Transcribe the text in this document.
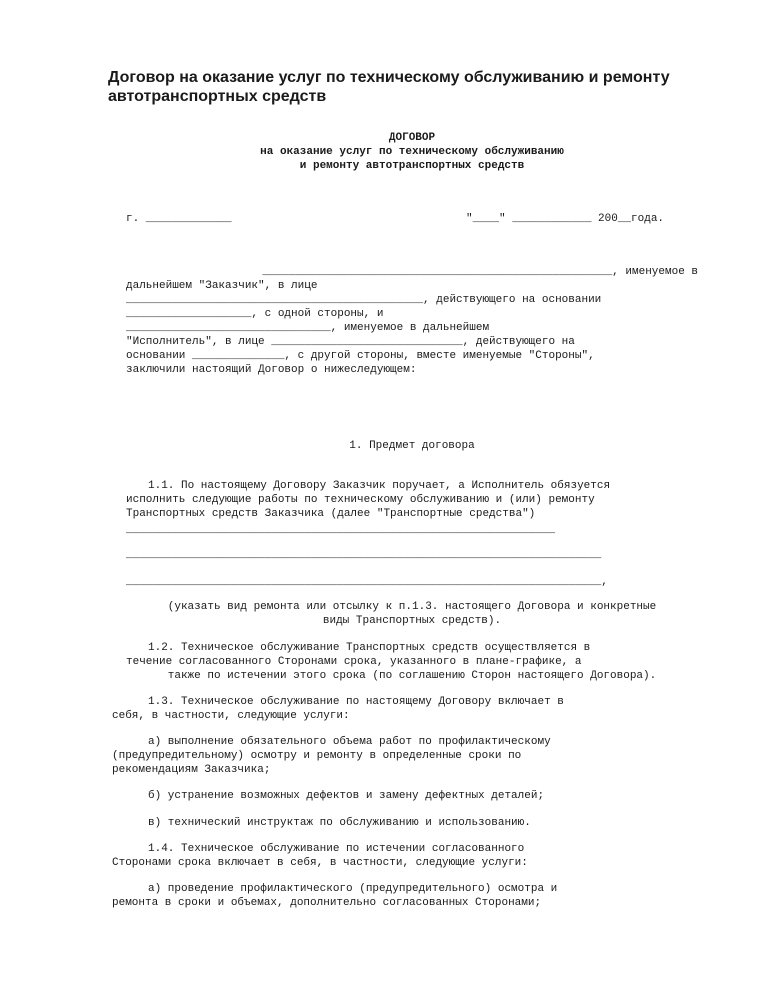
Договор на оказание услуг по техническому обслуживанию и ремонту автотранспортных средств
ДОГОВОР
на оказание услуг по техническому обслуживанию
и ремонту автотранспортных средств
г. _____________	"____" ____________ 200__года.
_____________________________________________________, именуемое в
дальнейшем "Заказчик", в лице
_____________________________________________, действующего на основании
___________________, с одной стороны, и
_______________________________, именуемое в дальнейшем
"Исполнитель", в лице _____________________________, действующего на
основании ______________, с другой стороны, вместе именуемые "Стороны",
заключили настоящий Договор о нижеследующем:
1. Предмет договора
1.1. По настоящему Договору Заказчик поручает, а Исполнитель обязуется
исполнить следующие работы по техническому обслуживанию и (или) ремонту
Транспортных средств Заказчика (далее "Транспортные средства")
_________________________________________________________________
________________________________________________________________________
________________________________________________________________________,
(указать вид ремонта или отсылку к п.1.3. настоящего Договора и конкретные
виды Транспортных средств).
1.2. Техническое обслуживание Транспортных средств осуществляется в
течение согласованного Сторонами срока, указанного в плане-графике, а
также по истечении этого срока (по соглашению Сторон настоящего Договора).
1.3. Техническое обслуживание по настоящему Договору включает в
себя, в частности, следующие услуги:
а) выполнение обязательного объема работ по профилактическому
(предупредительному) осмотру и ремонту в определенные сроки по
рекомендациям Заказчика;
б) устранение возможных дефектов и замену дефектных деталей;
в) технический инструктаж по обслуживанию и использованию.
1.4. Техническое обслуживание по истечении согласованного
Сторонами срока включает в себя, в частности, следующие услуги:
а) проведение профилактического (предупредительного) осмотра и
ремонта в сроки и объемах, дополнительно согласованных Сторонами;
